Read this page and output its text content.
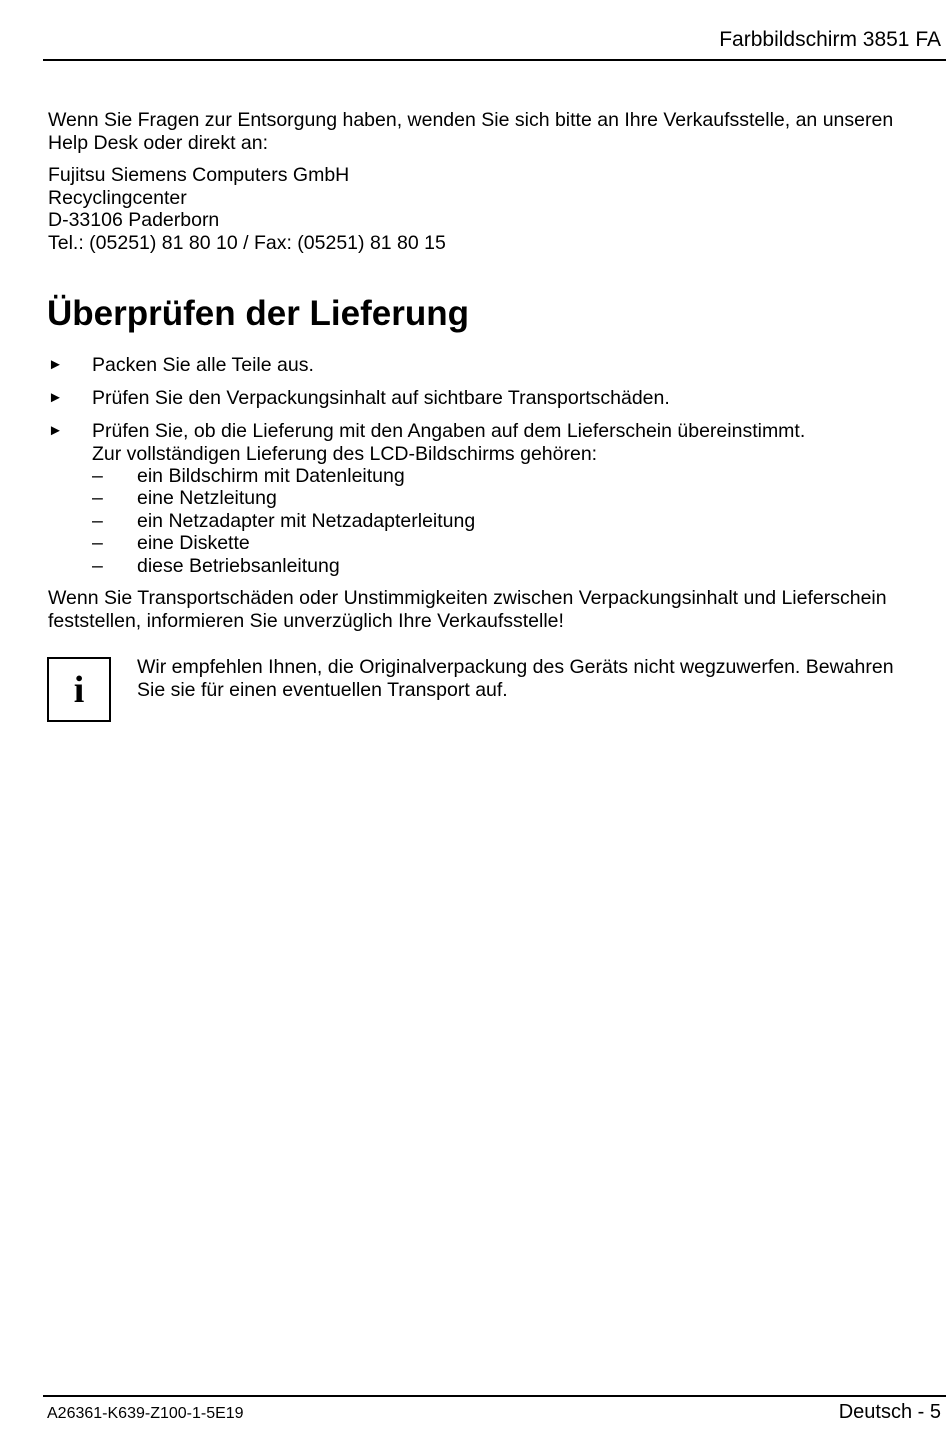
Farbbildschirm 3851 FA
Wenn Sie Fragen zur Entsorgung haben, wenden Sie sich bitte an Ihre Verkaufsstelle, an unseren
Help Desk oder direkt an:
Fujitsu Siemens Computers GmbH
Recyclingcenter
D-33106 Paderborn
Tel.: (05251) 81 80 10 / Fax: (05251) 81 80 15
Überprüfen der Lieferung
► Packen Sie alle Teile aus.
► Prüfen Sie den Verpackungsinhalt auf sichtbare Transportschäden.
► Prüfen Sie, ob die Lieferung mit den Angaben auf dem Lieferschein übereinstimmt.
Zur vollständigen Lieferung des LCD-Bildschirms gehören:
– ein Bildschirm mit Datenleitung
– eine Netzleitung
– ein Netzadapter mit Netzadapterleitung
– eine Diskette
– diese Betriebsanleitung
Wenn Sie Transportschäden oder Unstimmigkeiten zwischen Verpackungsinhalt und Lieferschein
feststellen, informieren Sie unverzüglich Ihre Verkaufsstelle!
i
Wir empfehlen Ihnen, die Originalverpackung des Geräts nicht wegzuwerfen. Bewahren
Sie sie für einen eventuellen Transport auf.
A26361-K639-Z100-1-5E19	Deutsch - 5
